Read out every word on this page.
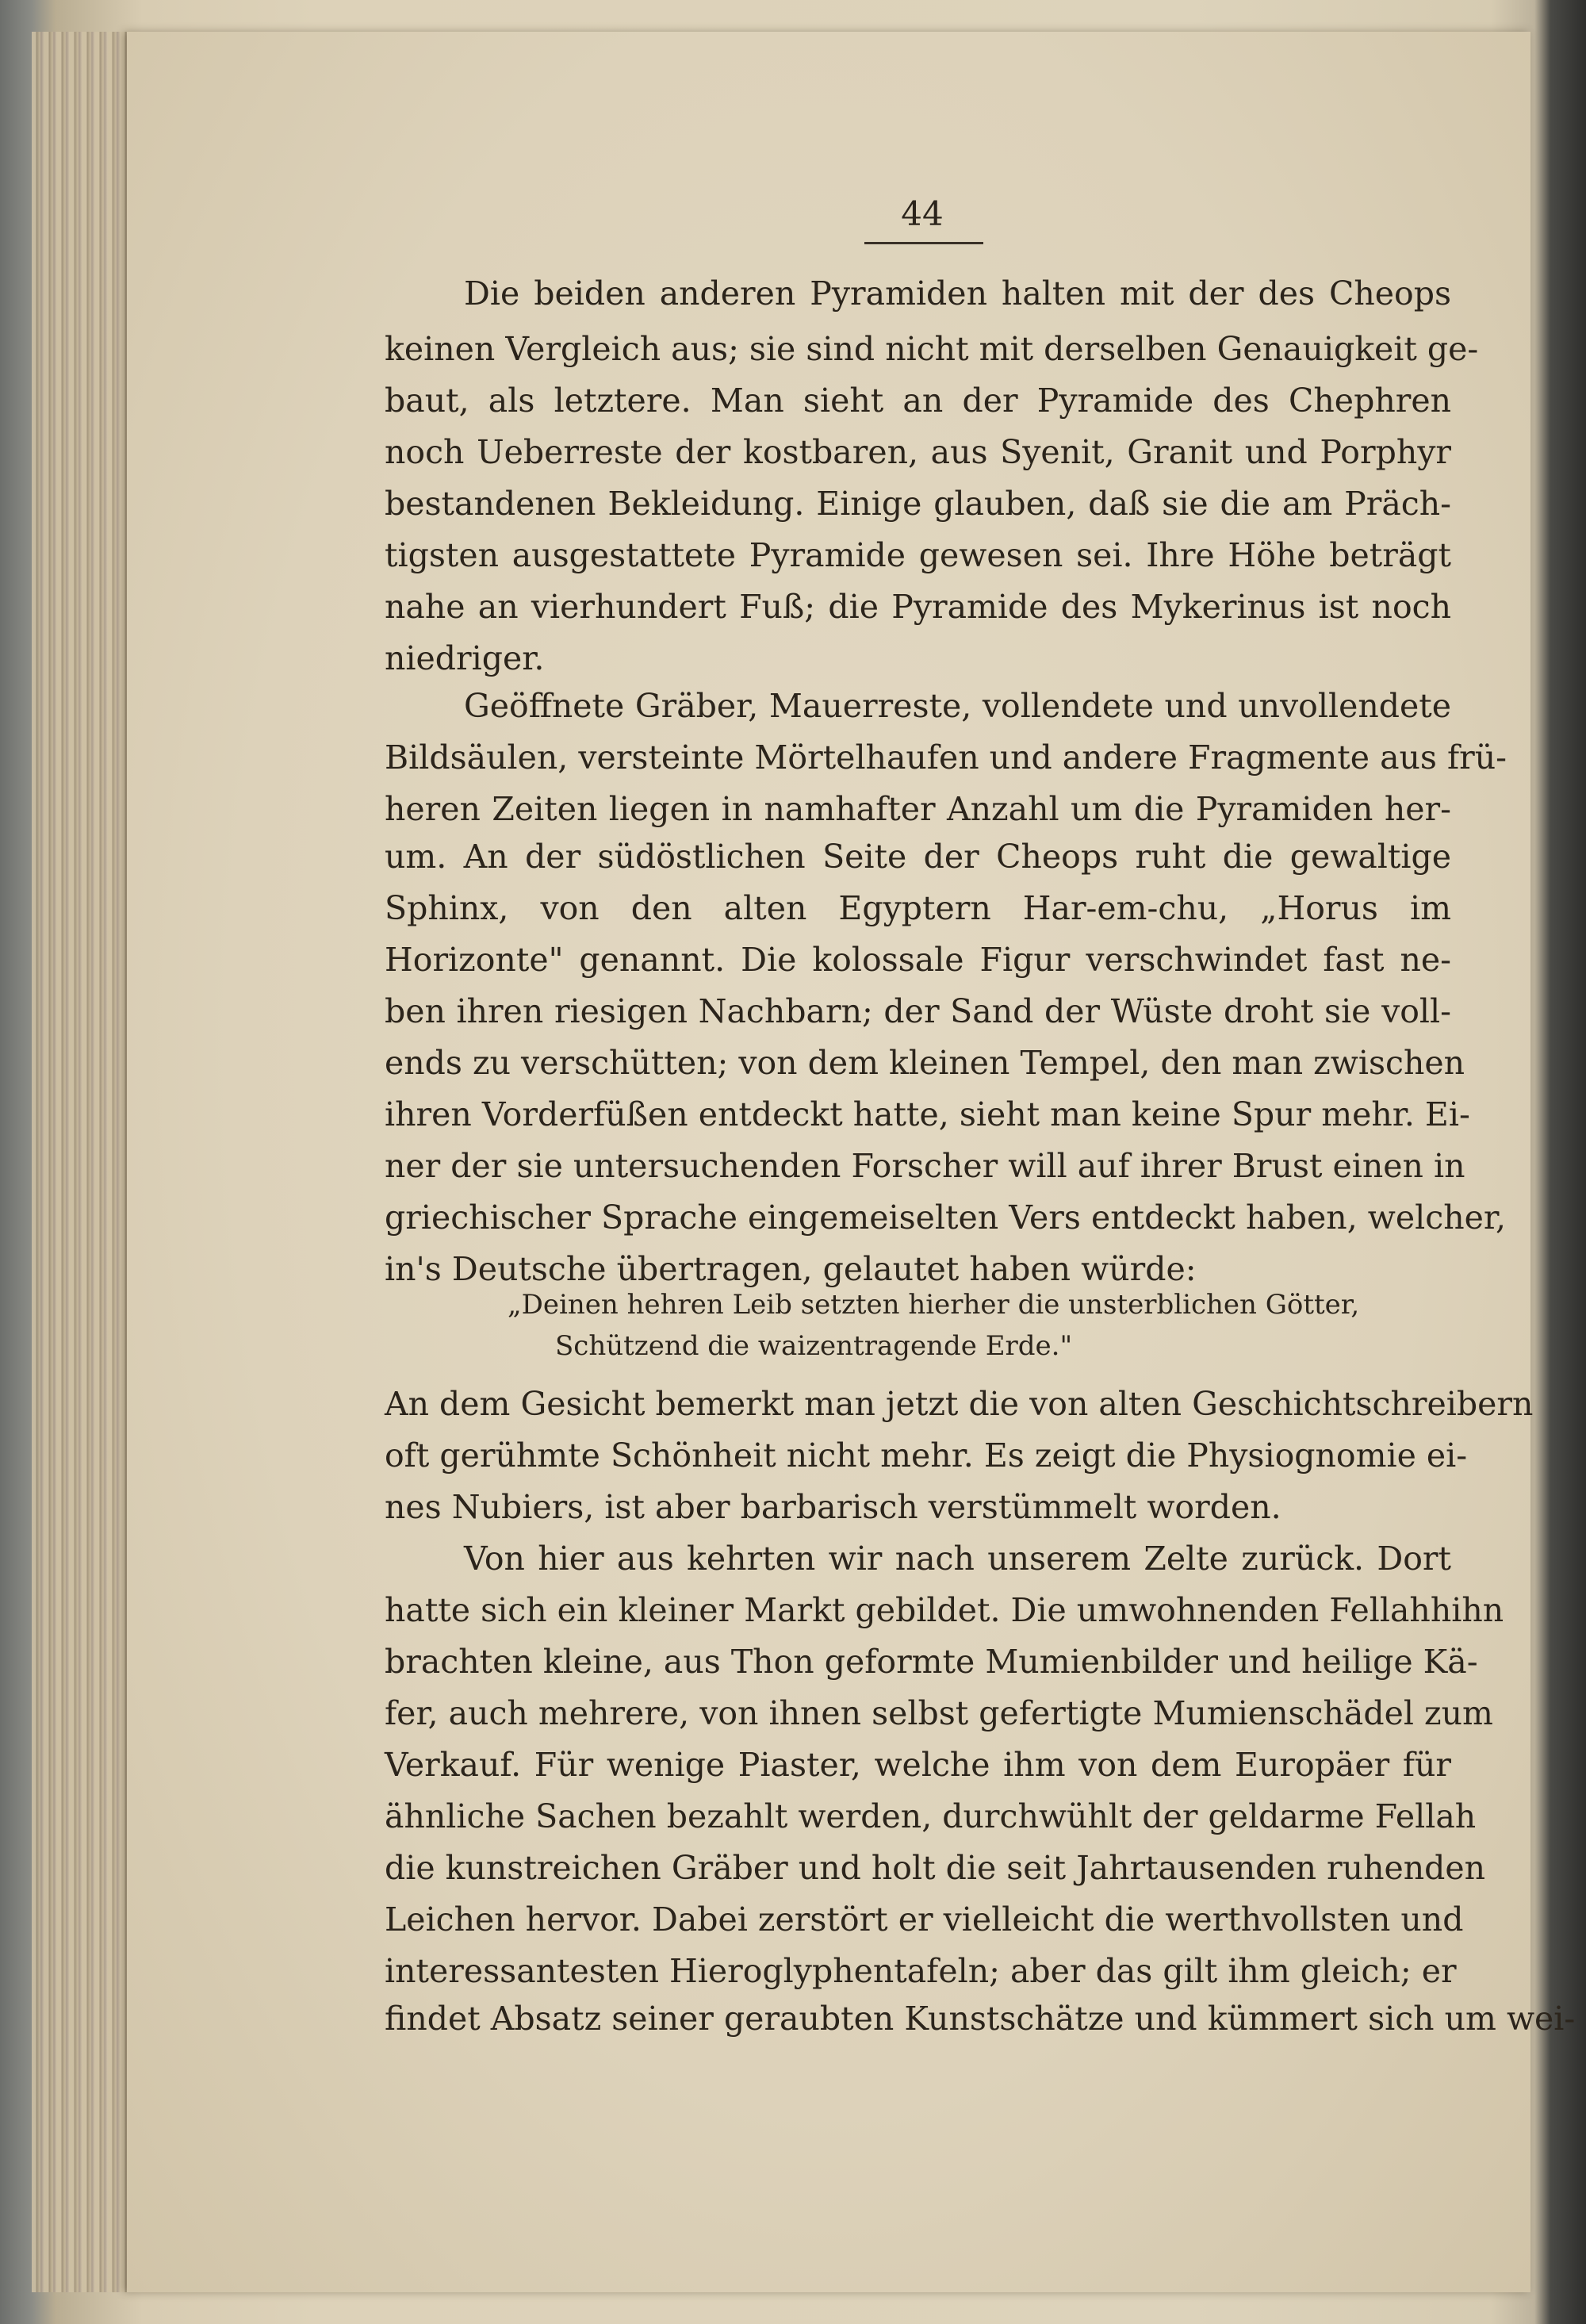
44
Die beiden anderen Pyramiden halten mit der des Cheops
keinen Vergleich aus; sie sind nicht mit derselben Genauigkeit ge-
baut, als letztere. Man sieht an der Pyramide des Chephren
noch Ueberreste der kostbaren, aus Syenit, Granit und Porphyr
bestandenen Bekleidung. Einige glauben, daß sie die am Präch-
tigsten ausgestattete Pyramide gewesen sei. Ihre Höhe beträgt
nahe an vierhundert Fuß; die Pyramide des Mykerinus ist noch
niedriger.
Geöffnete Gräber, Mauerreste, vollendete und unvollendete
Bildsäulen, versteinte Mörtelhaufen und andere Fragmente aus frü-
heren Zeiten liegen in namhafter Anzahl um die Pyramiden her-
um. An der südöstlichen Seite der Cheops ruht die gewaltige
Sphinx, von den alten Egyptern Har-em-chu, „Horus im
Horizonte" genannt. Die kolossale Figur verschwindet fast ne-
ben ihren riesigen Nachbarn; der Sand der Wüste droht sie voll-
ends zu verschütten; von dem kleinen Tempel, den man zwischen
ihren Vorderfüßen entdeckt hatte, sieht man keine Spur mehr. Ei-
ner der sie untersuchenden Forscher will auf ihrer Brust einen in
griechischer Sprache eingemeiselten Vers entdeckt haben, welcher,
in's Deutsche übertragen, gelautet haben würde:
„Deinen hehren Leib setzten hierher die unsterblichen Götter,
Schützend die waizentragende Erde."
An dem Gesicht bemerkt man jetzt die von alten Geschichtschreibern
oft gerühmte Schönheit nicht mehr. Es zeigt die Physiognomie ei-
nes Nubiers, ist aber barbarisch verstümmelt worden.
Von hier aus kehrten wir nach unserem Zelte zurück. Dort
hatte sich ein kleiner Markt gebildet. Die umwohnenden Fellahhihn
brachten kleine, aus Thon geformte Mumienbilder und heilige Kä-
fer, auch mehrere, von ihnen selbst gefertigte Mumienschädel zum
Verkauf. Für wenige Piaster, welche ihm von dem Europäer für
ähnliche Sachen bezahlt werden, durchwühlt der geldarme Fellah
die kunstreichen Gräber und holt die seit Jahrtausenden ruhenden
Leichen hervor. Dabei zerstört er vielleicht die werthvollsten und
interessantesten Hieroglyphentafeln; aber das gilt ihm gleich; er
findet Absatz seiner geraubten Kunstschätze und kümmert sich um wei-
